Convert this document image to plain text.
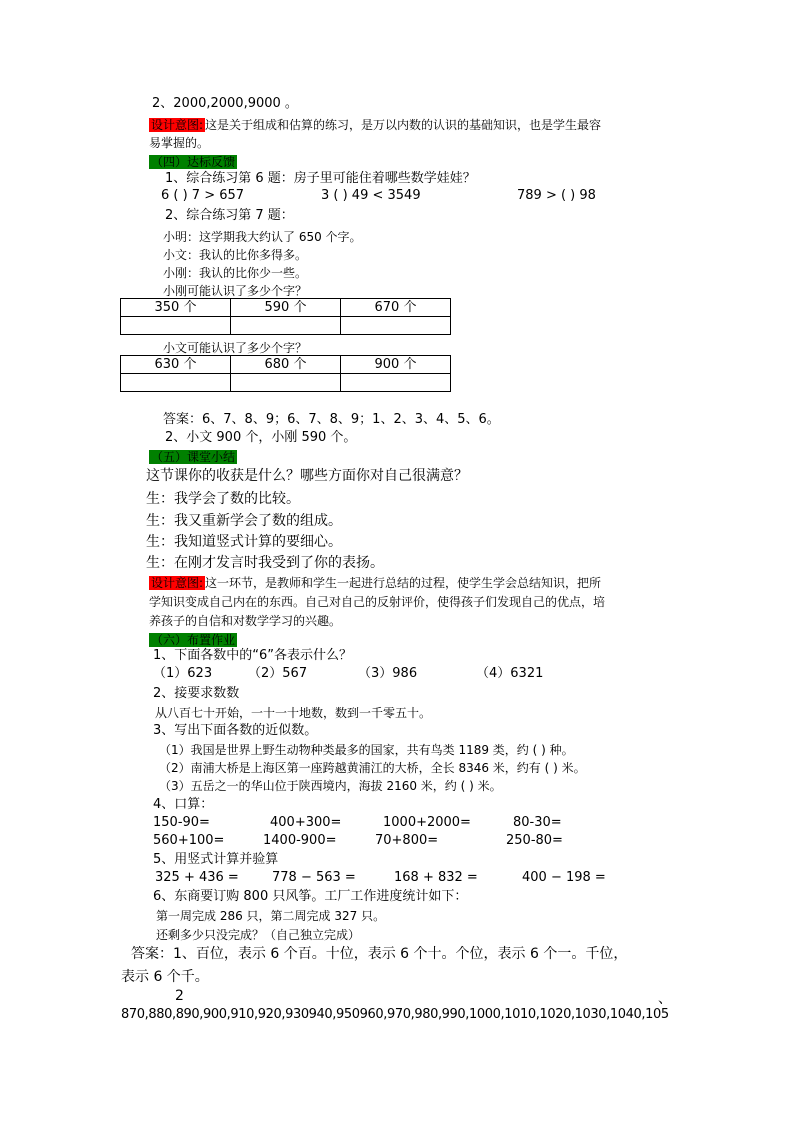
2、2000,2000,9000 。
设计意图: 这是关于组成和估算的练习，是万以内数的认识的基础知识，也是学生最容
易掌握的。
（四）达标反馈
1、综合练习第 6 题：房子里可能住着哪些数学娃娃？
6 ( ) 7 > 657	3 ( ) 49 < 3549	789 > ( ) 98
2、综合练习第 7 题：
小明：这学期我大约认了 650 个字。
小文：我认的比你多得多。
小刚：我认的比你少一些。
小刚可能认识了多少个字？
350 个	590 个	670 个

小文可能认识了多少个字？
630 个	680 个	900 个

答案：6、7、8、9；6、7、8、9；1、2、3、4、5、6。
2、小文 900 个，小刚 590 个。
（五）课堂小结
这节课你的收获是什么？哪些方面你对自己很满意？
生：我学会了数的比较。
生：我又重新学会了数的组成。
生：我知道竖式计算的要细心。
生：在刚才发言时我受到了你的表扬。
设计意图: 这一环节，是教师和学生一起进行总结的过程，使学生学会总结知识，把所
学知识变成自己内在的东西。自己对自己的反射评价，使得孩子们发现自己的优点，培
养孩子的自信和对数学学习的兴趣。
（六）布置作业
1、下面各数中的“6”各表示什么？
（1）623	（2）567	（3）986	（4）6321
2、接要求数数
从八百七十开始，一十一十地数，数到一千零五十。
3、写出下面各数的近似数。
（1）我国是世界上野生动物种类最多的国家，共有鸟类 1189 类，约 ( ) 种。
（2）南浦大桥是上海区第一座跨越黄浦江的大桥，全长 8346 米，约有 ( ) 米。
（3）五岳之一的华山位于陕西境内，海拔 2160 米，约 ( ) 米。
4、口算：
150-90=	400+300=	1000+2000=	80-30=
560+100=	1400-900=	70+800=	250-80=
5、用竖式计算并验算
325 + 436 =	778 − 563 =	168 + 832 =	400 − 198 =
6、东商要订购 800 只风筝。工厂工作进度统计如下：
第一周完成 286 只，第二周完成 327 只。
还剩多少只没完成？（自己独立完成）
答案：1、百位，表示 6 个百。十位，表示 6 个十。个位，表示 6 个一。千位，
表示 6 个千。
2	、
870,880,890,900,910,920,930940,950960,970,980,990,1000,1010,1020,1030,1040,105
